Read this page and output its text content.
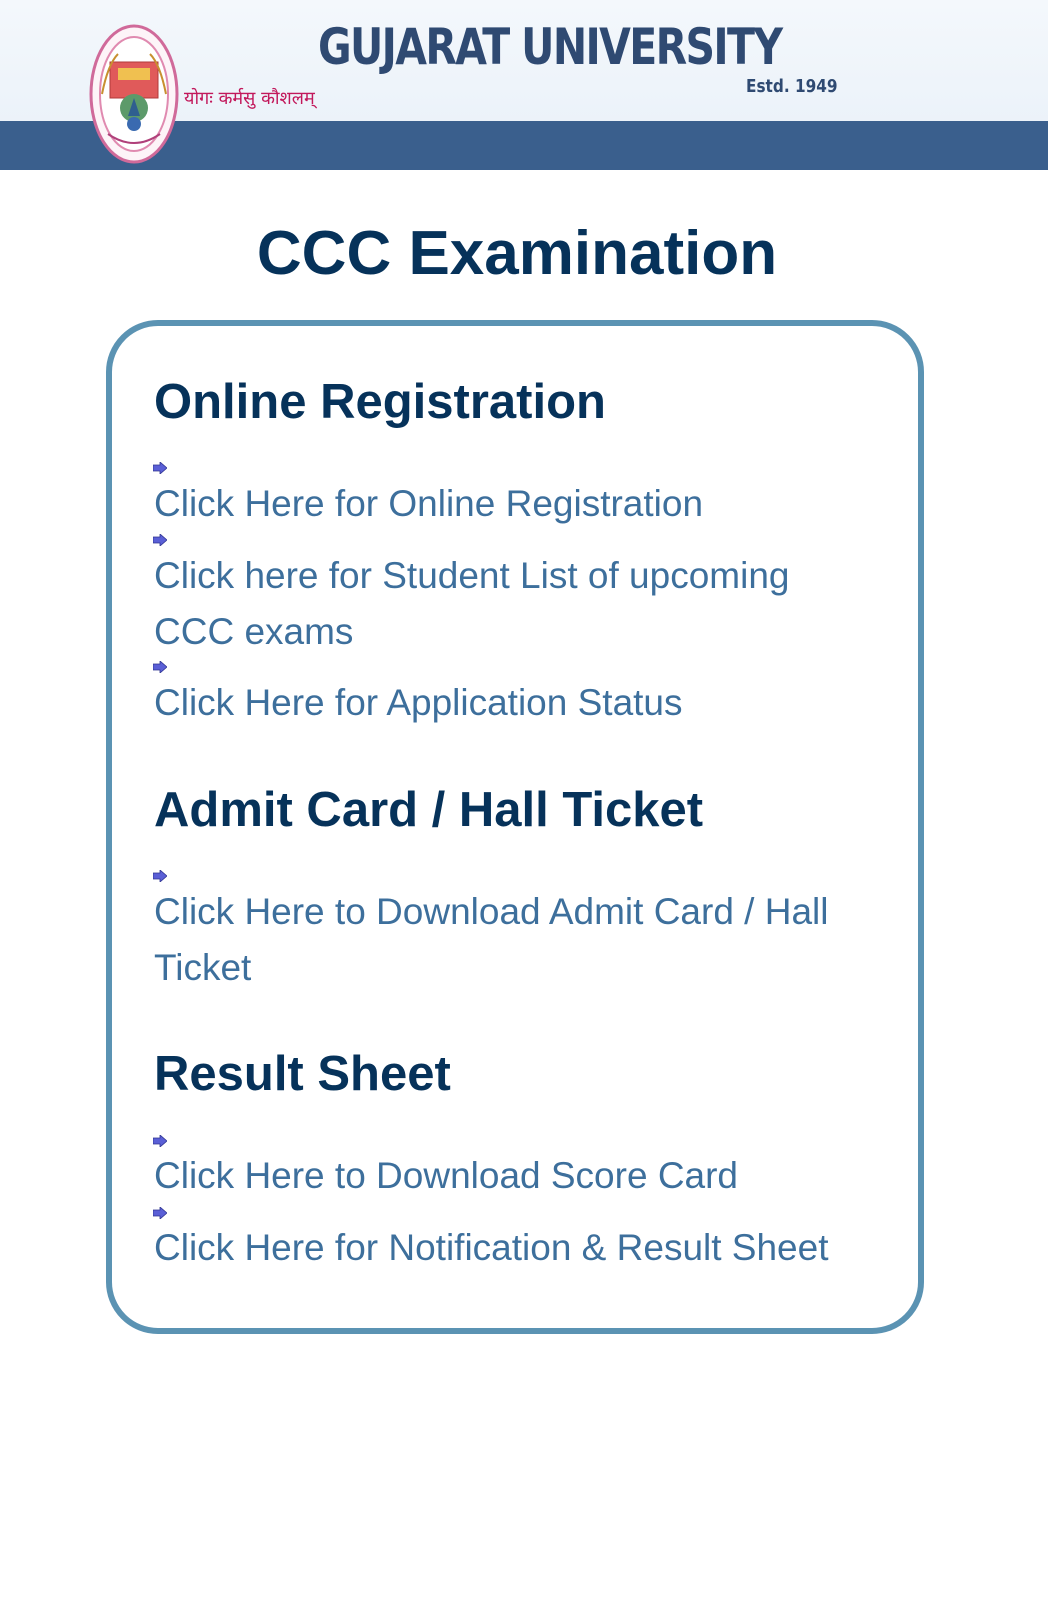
योगः कर्मसु कौशलम्
GUJARAT UNIVERSITY
Estd. 1949
CCC Examination
Online Registration
Click Here for Online Registration
Click here for Student List of upcoming
CCC exams
Click Here for Application Status
Admit Card / Hall Ticket
Click Here to Download Admit Card / Hall
Ticket
Result Sheet
Click Here to Download Score Card
Click Here for Notification & Result Sheet
